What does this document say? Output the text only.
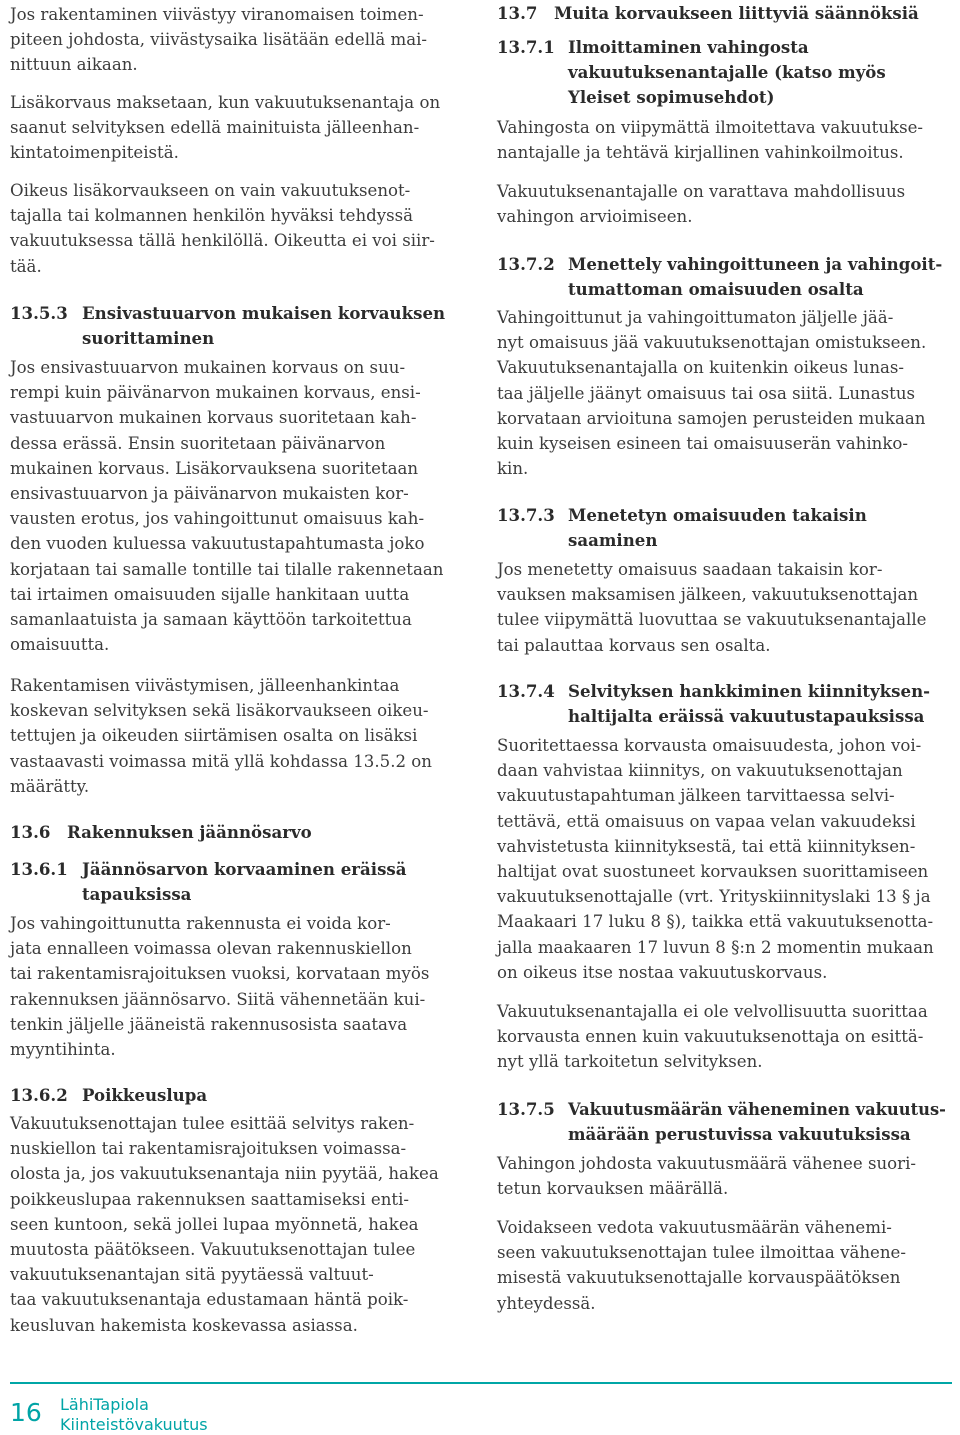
Jos rakentaminen viivästyy viranomaisen toimen-
piteen johdosta, viivästysaika lisätään edellä mai-
nittuun aikaan.
Lisäkorvaus maksetaan, kun vakuutuksenantaja on
saanut selvityksen edellä mainituista jälleenhan-
kintatoimenpiteistä.
Oikeus lisäkorvaukseen on vain vakuutuksenot-
tajalla tai kolmannen henkilön hyväksi tehdyssä
vakuutuksessa tällä henkilöllä. Oikeutta ei voi siir-
tää.
13.5.3 Ensivastuuarvon mukaisen korvauksen
suorittaminen
Jos ensivastuuarvon mukainen korvaus on suu-
rempi kuin päivänarvon mukainen korvaus, ensi-
vastuuarvon mukainen korvaus suoritetaan kah-
dessa erässä. Ensin suoritetaan päivänarvon
mukainen korvaus. Lisäkorvauksena suoritetaan
ensivastuuarvon ja päivänarvon mukaisten kor-
vausten erotus, jos vahingoittunut omaisuus kah-
den vuoden kuluessa vakuutustapahtumasta joko
korjataan tai samalle tontille tai tilalle rakennetaan
tai irtaimen omaisuuden sijalle hankitaan uutta
samanlaatuista ja samaan käyttöön tarkoitettua
omaisuutta.
Rakentamisen viivästymisen, jälleenhankintaa
koskevan selvityksen sekä lisäkorvaukseen oikeu-
tettujen ja oikeuden siirtämisen osalta on lisäksi
vastaavasti voimassa mitä yllä kohdassa 13.5.2 on
määrätty.
13.6 Rakennuksen jäännösarvo
13.6.1 Jäännösarvon korvaaminen eräissä
tapauksissa
Jos vahingoittunutta rakennusta ei voida kor-
jata ennalleen voimassa olevan rakennuskiellon
tai rakentamisrajoituksen vuoksi, korvataan myös
rakennuksen jäännösarvo. Siitä vähennetään kui-
tenkin jäljelle jääneistä rakennusosista saatava
myyntihinta.
13.6.2 Poikkeuslupa
Vakuutuksenottajan tulee esittää selvitys raken-
nuskiellon tai rakentamisrajoituksen voimassa-
olosta ja, jos vakuutuksenantaja niin pyytää, hakea
poikkeuslupaa rakennuksen saattamiseksi enti-
seen kuntoon, sekä jollei lupaa myönnetä, hakea
muutosta päätökseen. Vakuutuksenottajan tulee
vakuutuksenantajan sitä pyytäessä valtuut-
taa vakuutuksenantaja edustamaan häntä poik-
keusluvan hakemista koskevassa asiassa.
13.7 Muita korvaukseen liittyviä säännöksiä
13.7.1 Ilmoittaminen vahingosta
vakuutuksenantajalle (katso myös
Yleiset sopimusehdot)
Vahingosta on viipymättä ilmoitettava vakuutukse-
nantajalle ja tehtävä kirjallinen vahinkoilmoitus.
Vakuutuksenantajalle on varattava mahdollisuus
vahingon arvioimiseen.
13.7.2 Menettely vahingoittuneen ja vahingoit-
tumattoman omaisuuden osalta
Vahingoittunut ja vahingoittumaton jäljelle jää-
nyt omaisuus jää vakuutuksenottajan omistukseen.
Vakuutuksenantajalla on kuitenkin oikeus lunas-
taa jäljelle jäänyt omaisuus tai osa siitä. Lunastus
korvataan arvioituna samojen perusteiden mukaan
kuin kyseisen esineen tai omaisuuserän vahinko-
kin.
13.7.3 Menetetyn omaisuuden takaisin
saaminen
Jos menetetty omaisuus saadaan takaisin kor-
vauksen maksamisen jälkeen, vakuutuksenottajan
tulee viipymättä luovuttaa se vakuutuksenantajalle
tai palauttaa korvaus sen osalta.
13.7.4 Selvityksen hankkiminen kiinnityksen-
haltijalta eräissä vakuutustapauksissa
Suoritettaessa korvausta omaisuudesta, johon voi-
daan vahvistaa kiinnitys, on vakuutuksenottajan
vakuutustapahtuman jälkeen tarvittaessa selvi-
tettävä, että omaisuus on vapaa velan vakuudeksi
vahvistetusta kiinnityksestä, tai että kiinnityksen-
haltijat ovat suostuneet korvauksen suorittamiseen
vakuutuksenottajalle (vrt. Yrityskiinnityslaki 13 § ja
Maakaari 17 luku 8 §), taikka että vakuutuksenotta-
jalla maakaaren 17 luvun 8 §:n 2 momentin mukaan
on oikeus itse nostaa vakuutuskorvaus.
Vakuutuksenantajalla ei ole velvollisuutta suorittaa
korvausta ennen kuin vakuutuksenottaja on esittä-
nyt yllä tarkoitetun selvityksen.
13.7.5 Vakuutusmäärän väheneminen vakuutus-
määrään perustuvissa vakuutuksissa
Vahingon johdosta vakuutusmäärä vähenee suori-
tetun korvauksen määrällä.
Voidakseen vedota vakuutusmäärän vähenemi-
seen vakuutuksenottajan tulee ilmoittaa vähene-
misestä vakuutuksenottajalle korvauspäätöksen
yhteydessä.
16 LähiTapiola
Kiinteistövakuutus
